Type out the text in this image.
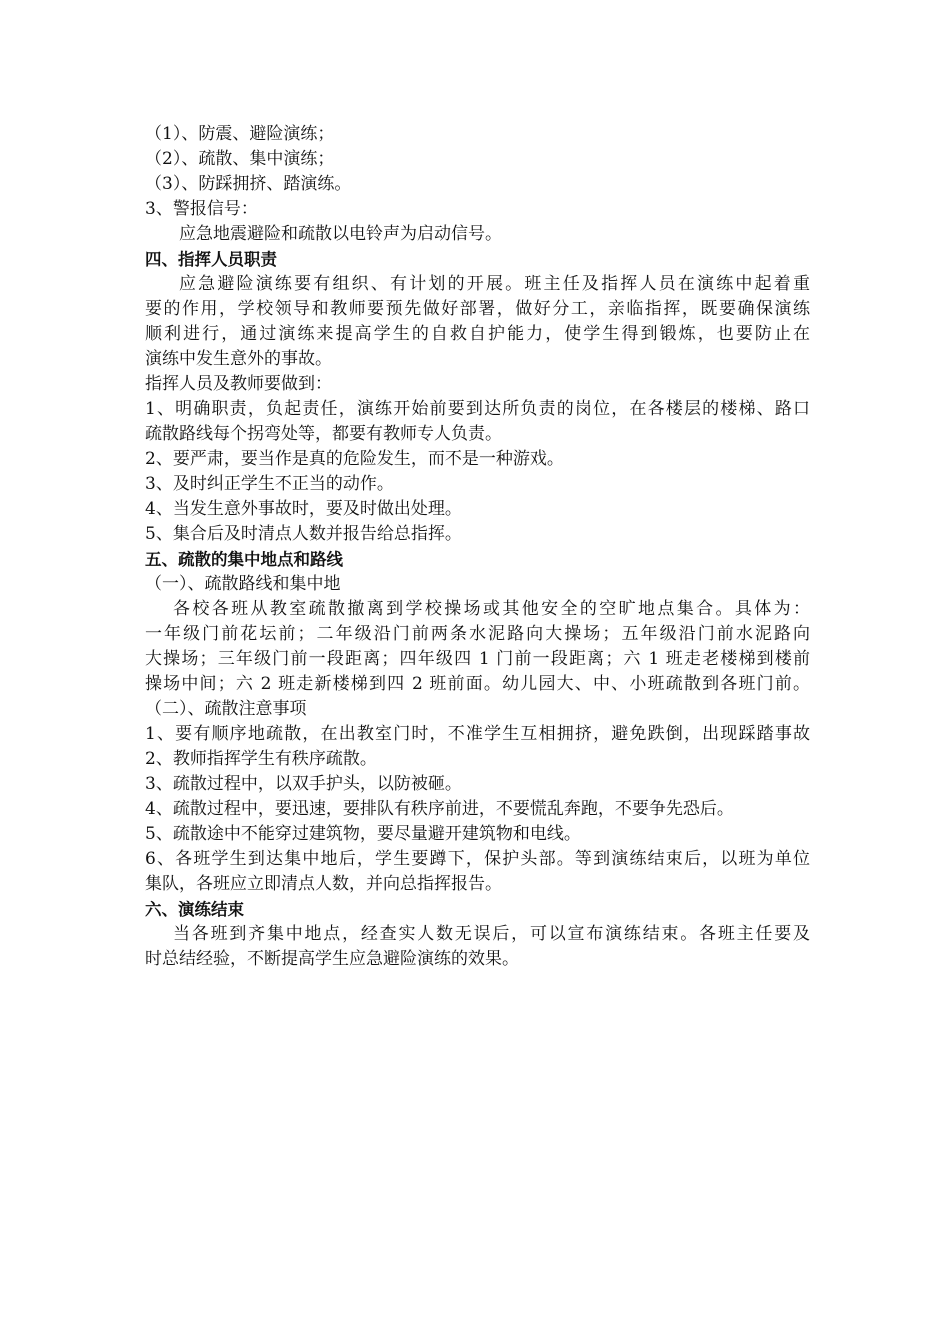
（1）、防震、避险演练；
（2）、疏散、集中演练；
（3）、防踩拥挤、踏演练。
3、警报信号：
应急地震避险和疏散以电铃声为启动信号。
四、指挥人员职责
应急避险演练要有组织、有计划的开展。班主任及指挥人员在演练中起着重
要的作用，学校领导和教师要预先做好部署，做好分工，亲临指挥，既要确保演练
顺利进行，通过演练来提高学生的自救自护能力，使学生得到锻炼，也要防止在
演练中发生意外的事故。
指挥人员及教师要做到：
1、明确职责，负起责任，演练开始前要到达所负责的岗位，在各楼层的楼梯、路口
疏散路线每个拐弯处等，都要有教师专人负责。
2、要严肃，要当作是真的危险发生，而不是一种游戏。
3、及时纠正学生不正当的动作。
4、当发生意外事故时，要及时做出处理。
5、集合后及时清点人数并报告给总指挥。
五、疏散的集中地点和路线
（一）、疏散路线和集中地
各校各班从教室疏散撤离到学校操场或其他安全的空旷地点集合。具体为：
一年级门前花坛前；二年级沿门前两条水泥路向大操场；五年级沿门前水泥路向
大操场；三年级门前一段距离；四年级四 1 门前一段距离；六 1 班走老楼梯到楼前
操场中间；六 2 班走新楼梯到四 2 班前面。幼儿园大、中、小班疏散到各班门前。
（二）、疏散注意事项
1、要有顺序地疏散，在出教室门时，不准学生互相拥挤，避免跌倒，出现踩踏事故
2、教师指挥学生有秩序疏散。
3、疏散过程中，以双手护头，以防被砸。
4、疏散过程中，要迅速，要排队有秩序前进，不要慌乱奔跑，不要争先恐后。
5、疏散途中不能穿过建筑物，要尽量避开建筑物和电线。
6、各班学生到达集中地后，学生要蹲下，保护头部。等到演练结束后，以班为单位
集队，各班应立即清点人数，并向总指挥报告。
六、演练结束
当各班到齐集中地点，经查实人数无误后，可以宣布演练结束。各班主任要及
时总结经验，不断提高学生应急避险演练的效果。
